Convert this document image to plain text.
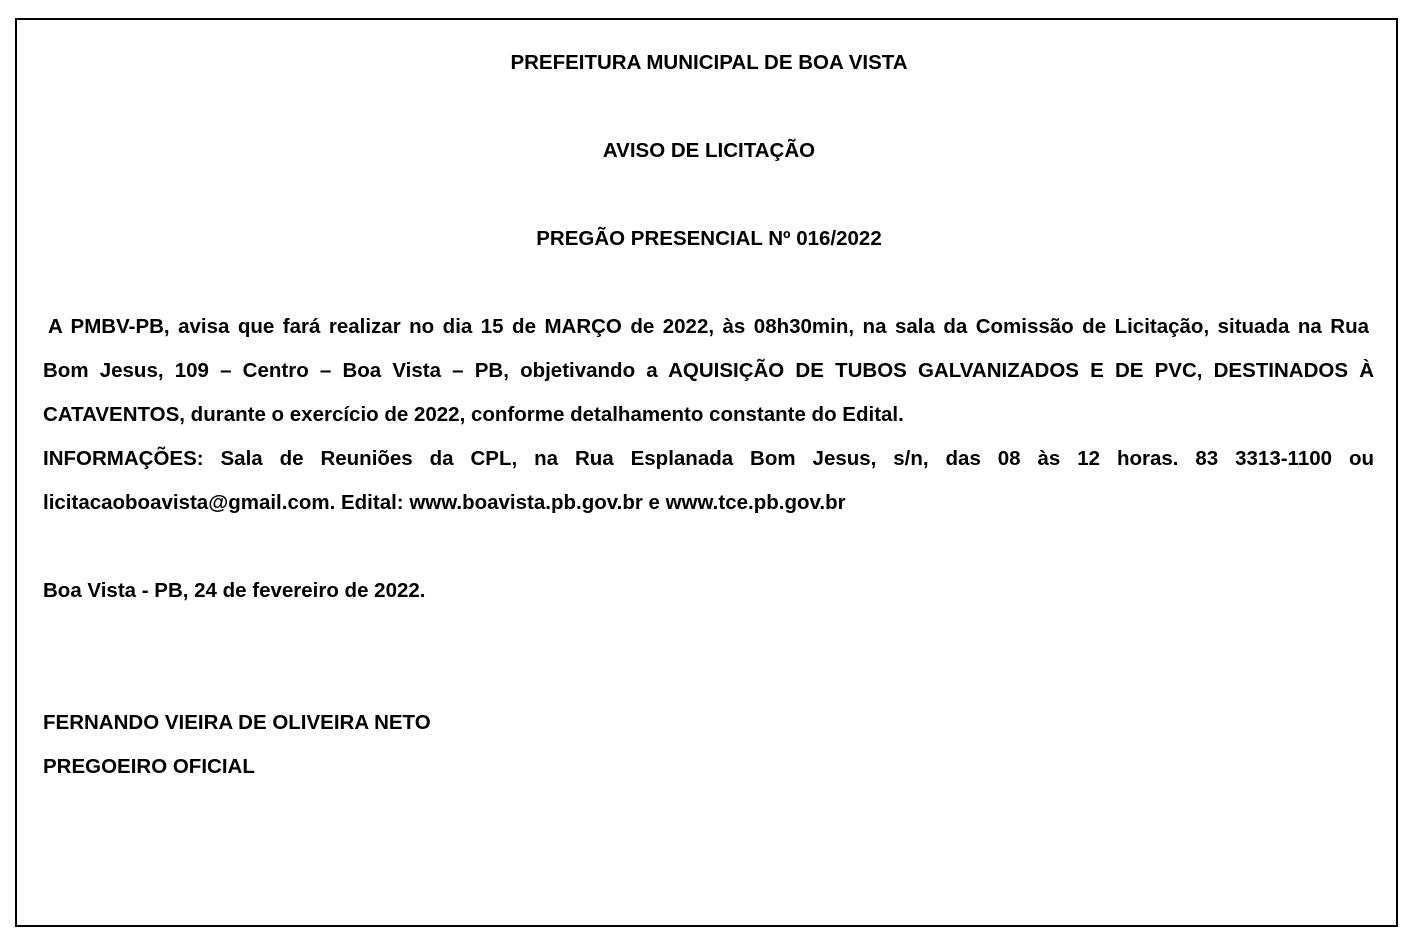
PREFEITURA MUNICIPAL DE BOA VISTA
AVISO DE LICITAÇÃO
PREGÃO PRESENCIAL Nº 016/2022
A PMBV-PB, avisa que fará realizar no dia 15 de MARÇO de 2022, às 08h30min, na sala da Comissão de Licitação, situada na Rua
Bom Jesus, 109 – Centro – Boa Vista – PB, objetivando a AQUISIÇÃO DE TUBOS GALVANIZADOS E DE PVC, DESTINADOS À
CATAVENTOS, durante o exercício de 2022, conforme detalhamento constante do Edital.
INFORMAÇÕES: Sala de Reuniões da CPL, na Rua Esplanada Bom Jesus, s/n, das 08 às 12 horas. 83 3313-1100 ou
licitacaoboavista@gmail.com. Edital: www.boavista.pb.gov.br e www.tce.pb.gov.br
Boa Vista - PB, 24 de fevereiro de 2022.
FERNANDO VIEIRA DE OLIVEIRA NETO
PREGOEIRO OFICIAL
